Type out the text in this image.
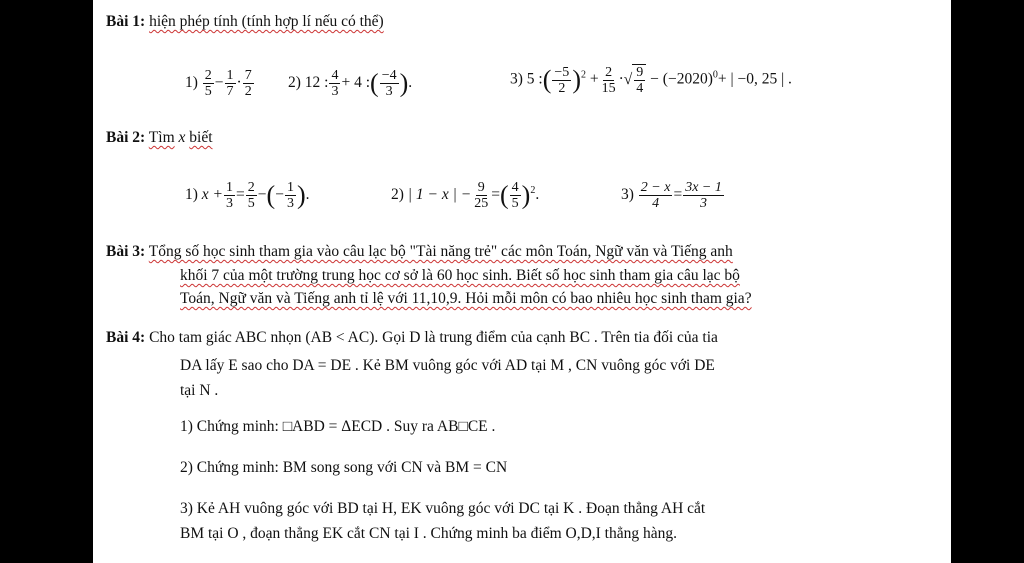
Bài 1: hiện phép tính (tính hợp lí nếu có thể)
$1) \frac{2}{5} - \frac{1}{7} \cdot \frac{7}{2} 2$) 12 : $\frac{4}{3} + 4$ :( $\frac{-4}{3}$ ).	3) 5 :( $\frac{-5}{2} )^2 + \frac{2}{15}$ ·√ $\frac{9}{4} - (-2020)^0+$ | −0, 25 | .
Bài 2: Tìm x biết
1) $x + \frac{1}{3} = \frac{2}{5}$ −(− $\frac{1}{3}$ ).	2) | 1 − x | − $\frac{9}{25}$ =( $\frac{4}{5} )^2$.	$3) \frac{2 - x}{4} = \frac{3x - 1}{3}$
Bài 3: Tổng số học sinh tham gia vào câu lạc bộ "Tài năng trẻ" các môn Toán, Ngữ văn và Tiếng anh
khối 7 của một trường trung học cơ sở là 60 học sinh. Biết số học sinh tham gia câu lạc bộ
Toán, Ngữ văn và Tiếng anh tỉ lệ với 11,10,9. Hỏi mỗi môn có bao nhiêu học sinh tham gia?
Bài 4: Cho tam giác ABC nhọn (AB < AC). Gọi D là trung điểm của cạnh BC . Trên tia đối của tia
DA lấy E sao cho DA = DE . Kẻ BM vuông góc với AD tại M , CN vuông góc với DE
tại N .
1) Chứng minh: □ABD = ΔECD . Suy ra AB□CE .
2) Chứng minh: BM song song với CN và BM = CN
3) Kẻ AH vuông góc với BD tại H, EK vuông góc với DC tại K . Đoạn thẳng AH cắt
BM tại O , đoạn thẳng EK cắt CN tại I . Chứng minh ba điểm O,D,I thẳng hàng.
